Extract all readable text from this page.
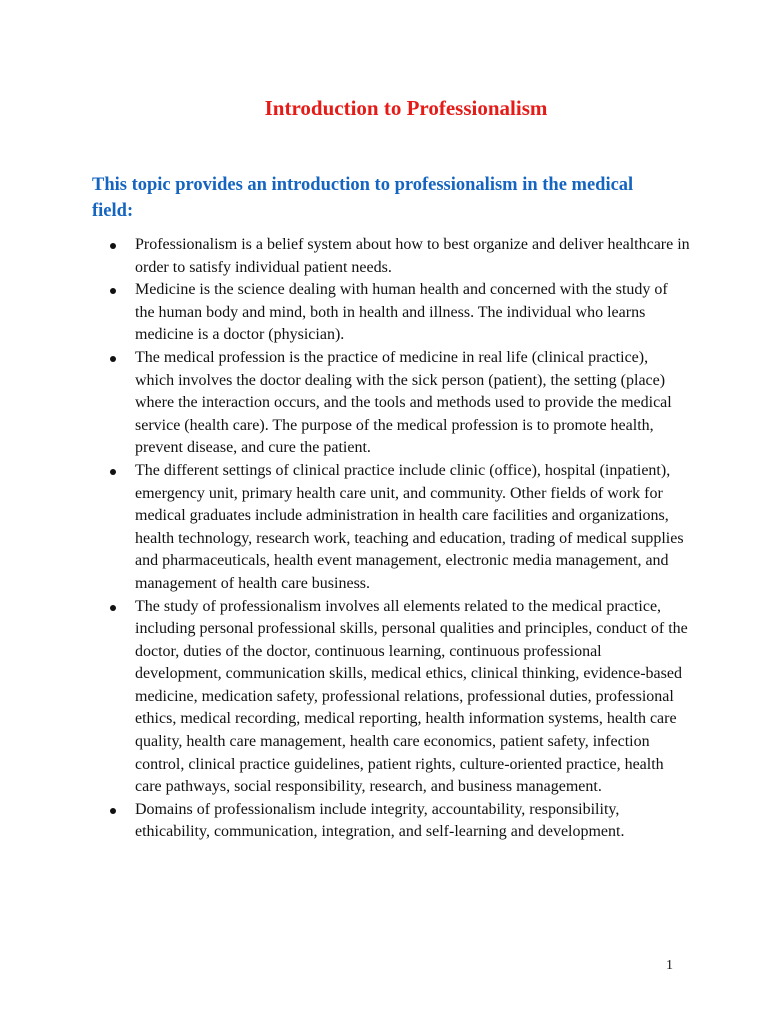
Introduction to Professionalism
This topic provides an introduction to professionalism in the medical field:
Professionalism is a belief system about how to best organize and deliver healthcare in order to satisfy individual patient needs.
Medicine is the science dealing with human health and concerned with the study of the human body and mind, both in health and illness. The individual who learns medicine is a doctor (physician).
The medical profession is the practice of medicine in real life (clinical practice), which involves the doctor dealing with the sick person (patient), the setting (place) where the interaction occurs, and the tools and methods used to provide the medical service (health care). The purpose of the medical profession is to promote health, prevent disease, and cure the patient.
The different settings of clinical practice include clinic (office), hospital (inpatient), emergency unit, primary health care unit, and community. Other fields of work for medical graduates include administration in health care facilities and organizations, health technology, research work, teaching and education, trading of medical supplies and pharmaceuticals, health event management, electronic media management, and management of health care business.
The study of professionalism involves all elements related to the medical practice, including personal professional skills, personal qualities and principles, conduct of the doctor, duties of the doctor, continuous learning, continuous professional development, communication skills, medical ethics, clinical thinking, evidence-based medicine, medication safety, professional relations, professional duties, professional ethics, medical recording, medical reporting, health information systems, health care quality, health care management, health care economics, patient safety, infection control, clinical practice guidelines, patient rights, culture-oriented practice, health care pathways, social responsibility, research, and business management.
Domains of professionalism include integrity, accountability, responsibility, ethicability, communication, integration, and self-learning and development.
1
